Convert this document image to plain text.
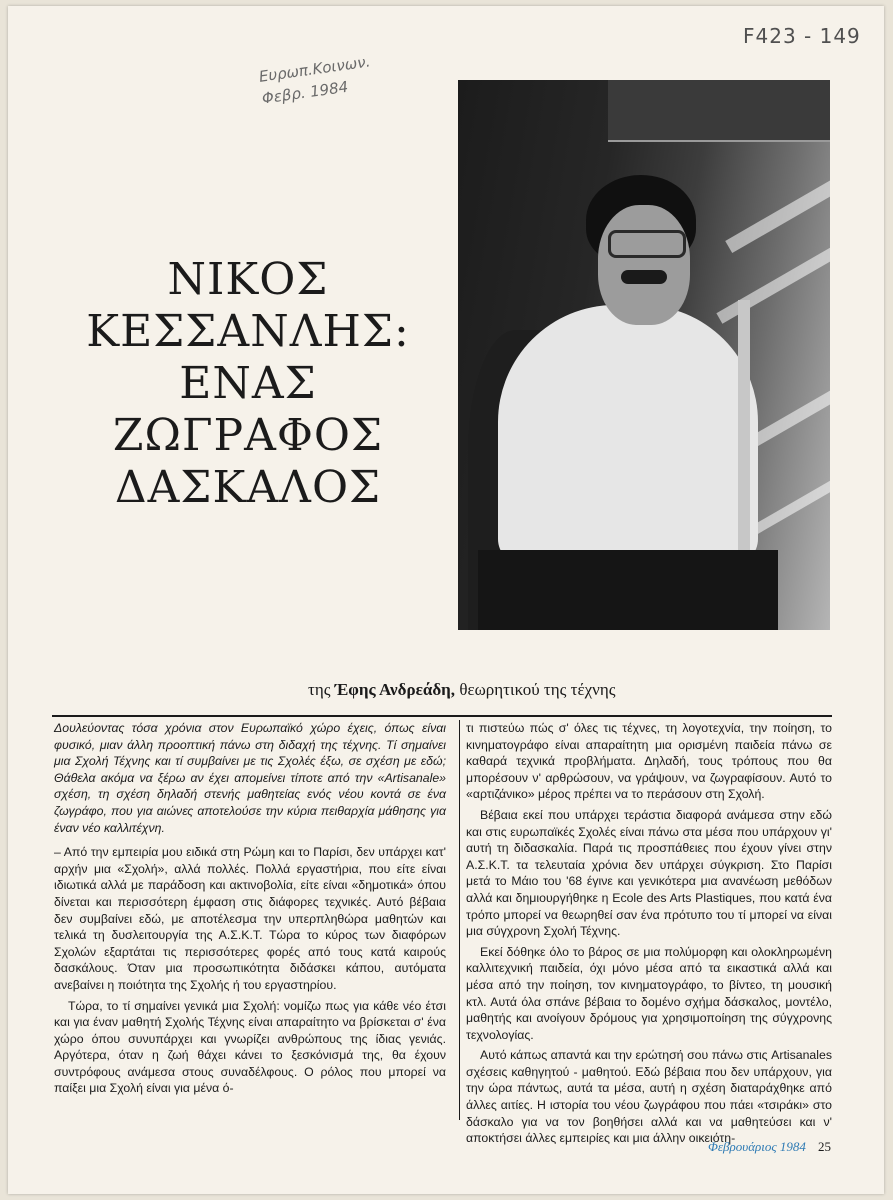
F423 - 149
Ευρωπ.Κοινων.
Φεβρ. 1984
ΝΙΚΟΣ
ΚΕΣΣΑΝΛΗΣ:
ΕΝΑΣ
ΖΩΓΡΑΦΟΣ
ΔΑΣΚΑΛΟΣ
της Έφης Ανδρεάδη, θεωρητικού της τέχνης

Δουλεύοντας τόσα χρόνια στον Ευρωπαϊκό χώρο έχεις, όπως είναι φυσικό, μιαν άλλη προοπτική πάνω στη διδαχή της τέχνης. Τί σημαίνει μια Σχολή Τέχνης και τί συμβαίνει με τις Σχολές έξω, σε σχέση με εδώ; Θάθελα ακόμα να ξέρω αν έχει απομείνει τίποτε από την «Artisanale» σχέση, τη σχέση δηλαδή στενής μαθητείας ενός νέου κοντά σε ένα ζωγράφο, που για αιώνες αποτελούσε την κύρια πειθαρχία μάθησης για έναν νέο καλλιτέχνη.

– Από την εμπειρία μου ειδικά στη Ρώμη και το Παρίσι, δεν υπάρχει κατ' αρχήν μια «Σχολή», αλλά πολλές. Πολλά εργαστήρια, που είτε είναι ιδιωτικά αλλά με παράδοση και ακτινοβολία, είτε είναι «δημοτικά» όπου δίνεται και περισσότερη έμφαση στις διάφορες τεχνικές. Αυτό βέβαια δεν συμβαίνει εδώ, με αποτέλεσμα την υπερπληθώρα μαθητών και τελικά τη δυσλειτουργία της Α.Σ.Κ.Τ. Τώρα το κύρος των διαφόρων Σχολών εξαρτάται τις περισσότερες φορές από τους κατά καιρούς δασκάλους. Όταν μια προσωπικότητα διδάσκει κάπου, αυτόματα ανεβαίνει η ποιότητα της Σχολής ή του εργαστηρίου.

Τώρα, το τί σημαίνει γενικά μια Σχολή: νομίζω πως για κάθε νέο έτσι και για έναν μαθητή Σχολής Τέχνης είναι απαραίτητο να βρίσκεται σ' ένα χώρο όπου συνυπάρχει και γνωρίζει ανθρώπους της ίδιας γενιάς. Αργότερα, όταν η ζωή θάχει κάνει το ξεσκόνισμά της, θα έχουν συντρόφους ανάμεσα στους συναδέλφους. Ο ρόλος που μπορεί να παίξει μια Σχολή είναι για μένα ό-

τι πιστεύω πώς σ' όλες τις τέχνες, τη λογοτεχνία, την ποίηση, το κινηματογράφο είναι απαραίτητη μια ορισμένη παιδεία πάνω σε καθαρά τεχνικά προβλήματα. Δηλαδή, τους τρόπους που θα μπορέσουν ν' αρθρώσουν, να γράψουν, να ζωγραφίσουν. Αυτό το «αρτιζάνικο» μέρος πρέπει να το περάσουν στη Σχολή.

Βέβαια εκεί που υπάρχει τεράστια διαφορά ανάμεσα στην εδώ και στις ευρωπαϊκές Σχολές είναι πάνω στα μέσα που υπάρχουν γι' αυτή τη διδασκαλία. Παρά τις προσπάθειες που έχουν γίνει στην Α.Σ.Κ.Τ. τα τελευταία χρόνια δεν υπάρχει σύγκριση. Στο Παρίσι μετά το Μάιο του '68 έγινε και γενικότερα μια ανανέωση μεθόδων αλλά και δημιουργήθηκε η Ecole des Arts Plastiques, που κατά ένα τρόπο μπορεί να θεωρηθεί σαν ένα πρότυπο του τί μπορεί να είναι μια σύγχρονη Σχολή Τέχνης.

Εκεί δόθηκε όλο το βάρος σε μια πολύμορφη και ολοκληρωμένη καλλιτεχνική παιδεία, όχι μόνο μέσα από τα εικαστικά αλλά και μέσα από την ποίηση, τον κινηματογράφο, το βίντεο, τη μουσική κτλ. Αυτά όλα σπάνε βέβαια το δομένο σχήμα δάσκαλος, μοντέλο, μαθητής και ανοίγουν δρόμους για χρησιμοποίηση της σύγχρονης τεχνολογίας.

Αυτό κάπως απαντά και την ερώτησή σου πάνω στις Artisanales σχέσεις καθηγητού - μαθητού. Εδώ βέβαια που δεν υπάρχουν, για την ώρα πάντως, αυτά τα μέσα, αυτή η σχέση διαταράχθηκε από άλλες αιτίες. Η ιστορία του νέου ζωγράφου που πάει «τσιράκι» στο δάσκαλο για να τον βοηθήσει αλλά και να μαθητεύσει και ν' αποκτήσει άλλες εμπειρίες και μια άλλην οικειότη-

Φεβρουάριος 1984 25
